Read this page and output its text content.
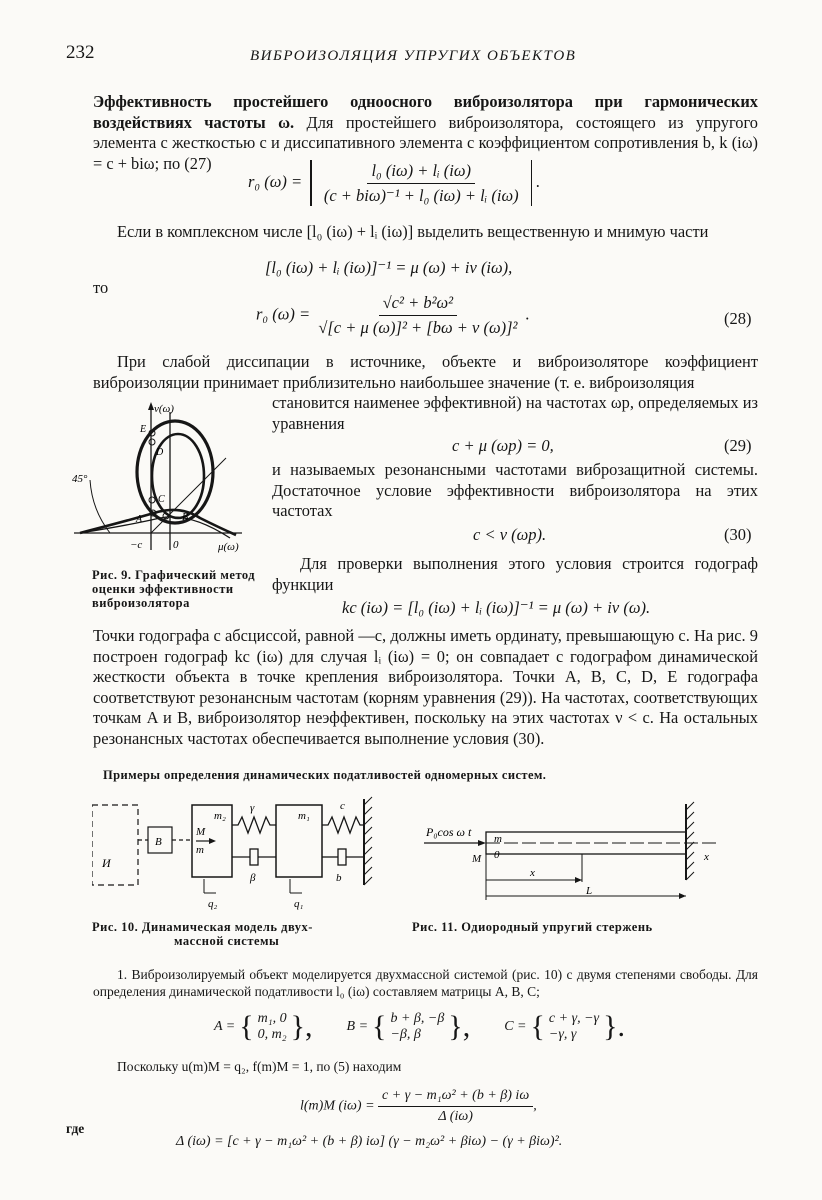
232	ВИБРОИЗОЛЯЦИЯ УПРУГИХ ОБЪЕКТОВ
Эффективность простейшего одноосного виброизолятора при гармонических воздействиях частоты ω. Для простейшего виброизолятора, состоящего из упругого элемента с жесткостью c и диссипативного элемента с коэффициентом сопротивления b, k (iω) = c + biω; по (27)
r₀ $(\omega) = \frac{\text{l₀ (iω) + lᵢ (iω)}}{\text{(c + biω)⁻¹ + l₀ (iω) + lᵢ (iω)}}$ .
Если в комплексном числе [l₀ (iω) + lᵢ (iω)] выделить вещественную и мнимую части
[l₀ (iω) + lᵢ (iω)]⁻¹ = μ (ω) + iν (iω),
то
r₀ $(\omega) = \frac{\text{√c² + b²ω²}}{\text{√[c + μ (ω)]² + [bω + ν (ω)]²}}$ .	(28)
При слабой диссипации в источнике, объекте и виброизоляторе коэффициент виброизоляции принимает приблизительно наибольшее значение (т. е. виброизоляция
становится наименее эффективной) на частотах ωp, определяемых из уравнения
c + μ (ωp) = 0,	(29)
и называемых резонансными частотами виброзащитной системы. Достаточное условие эффективности виброизолятора на этих частотах
c < ν (ωp).	(30)
Для проверки выполнения этого условия строится годограф функции
kc (iω) = [l₀ (iω) + lᵢ (iω)]⁻¹ = μ (ω) + iν (ω).
ν(ω)
μ(ω)
45°
−c	0
E
D
C
A	B
Рис. 9. Графический метод оценки эффективности виброизолятора
Точки годографа с абсциссой, равной —c, должны иметь ординату, превышающую c. На рис. 9 построен годограф kc (iω) для случая lᵢ (iω) = 0; он совпадает с годографом динамической жесткости объекта в точке крепления виброизолятора. Точки A, B, C, D, E годографа соответствуют резонансным частотам (корням уравнения (29)). На частотах, соответствующих точкам A и B, виброизолятор неэффективен, поскольку на этих частотах ν < c. На остальных резонансных частотах обеспечивается выполнение условия (30).
Примеры определения динамических податливостей одномерных систем.
И
В
M
m
m₂	m₁
γ	c
β	b
q₂	q₁
Рис. 10. Динамическая модель двух-
массной системы
P₀cos ω t m
M 0
x
L
x
Рис. 11. Одиородный упругий стержень
1. Виброизолируемый объект моделируется двухмассной системой (рис. 10) с двумя степенями свободы. Для определения динамической податливости l₀ (iω) составляем матрицы A, B, C;
A = { m₁, 0
0, m₂ }, B = { b + β, −β
−β, β }, C = { c + γ, −γ
−γ, γ }.
Поскольку u(m)M = q₂, f(m)M = 1, по (5) находим
l(m)M $(i\omega) = \frac{\text{c + γ − m₁ω² + (b + β) iω}}{\Delta (i\omega)}$ ,
где
Δ (iω) = [c + γ − m₁ω² + (b + β) iω] (γ − m₂ω² + βiω) − (γ + βiω)².
